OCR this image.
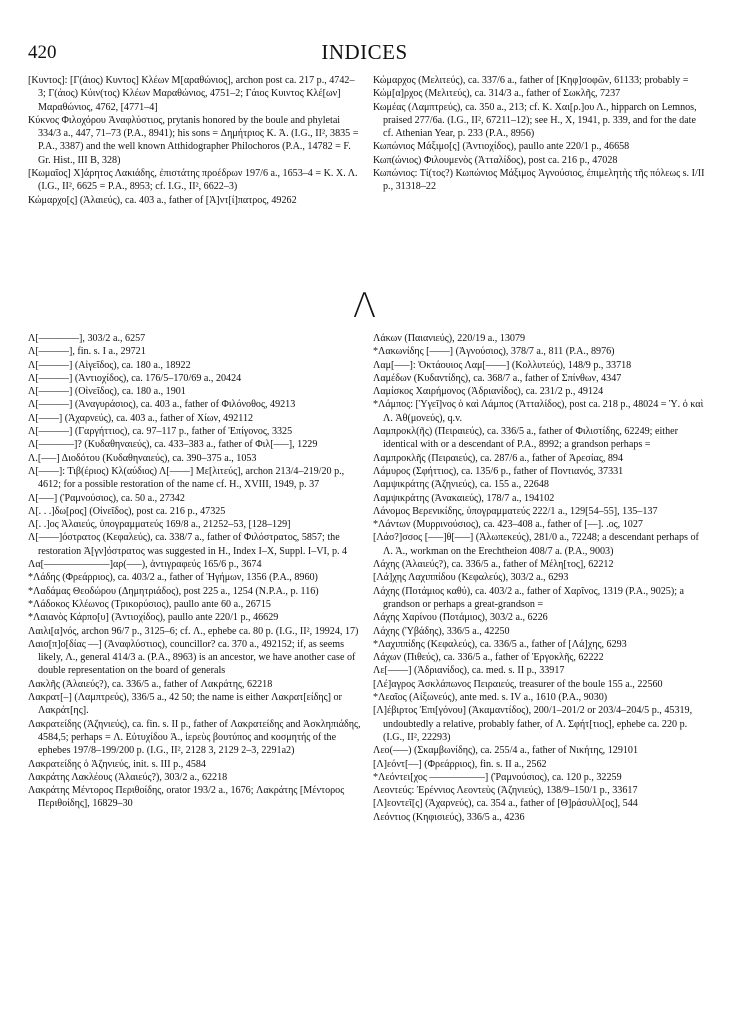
420	INDICES

[Κυντος]: [Γ(άιος) Κυντος] Κλέων Μ[αραθώνιος], archon post ca. 217 p., 4742–3; Γ(άιος) Κύιν(τος) Κλέων Μαραθώνιος, 4751–2; Γάιος Κυιντος Κλέ[ων] Μαραθώνιος, 4762, [4771–4]

Κύκνος Φιλοχόρου Ἀναφλύστιος, prytanis honored by the boule and phyletai 334/3 a., 447, 71–73 (P.A., 8941); his sons = Δημήτριος Κ. Ἀ. (I.G., II², 3835 = P.A., 3387) and the well known Atthidographer Philochoros (P.A., 14782 = F. Gr. Hist., III B, 328)

[Κωμαῖος] Χ]άρητος Λακιάδης, ἐπιστάτης προέδρων 197/6 a., 1653–4 = Κ. Χ. Λ. (I.G., II², 6625 = P.A., 8953; cf. I.G., II², 6622–3)

Κώμαρχο[ς] (Ἁλαιεύς), ca. 403 a., father of [Ἀ]ντ[ί]πατρος, 49262

Κώμαρχος (Μελιτεύς), ca. 337/6 a., father of [Κηφ]σοφῶν, 61133; probably =

Κώμ[α]ρχος (Μελιτεύς), ca. 314/3 a., father of Σωκλῆς, 7237

Κωμέας (Λαμπτρεύς), ca. 350 a., 213; cf. K. Χαι[ρ.]ου Λ., hipparch on Lemnos, praised 277/6a. (I.G., II², 67211–12); see H., X, 1941, p. 339, and for the date cf. Athenian Year, p. 233 (P.A., 8956)

Κωπώνιος Μάξιμο[ς] (Ἀντιοχίδος), paullo ante 220/1 p., 46658

Κωπ(ώνιος) Φιλουμενὸς (Ἀτταλίδος), post ca. 216 p., 47028

Κωπώνιος: Τί(τος?) Κωπώνιος Μάξιμος Ἁγνούσιος, ἐπιμελητὴς τῆς πόλεως s. I/II p., 31318–22

Λ

Λ[––––––––], 303/2 a., 6257

Λ[––––––], fin. s. I a., 29721

Λ[––––––] (Αἰγεῖδος), ca. 180 a., 18922

Λ[––––––] (Ἀντιοχίδος), ca. 176/5–170/69 a., 20424

Λ[––––––] (Οἰνεῖδος), ca. 180 a., 1901

Λ[––––––] (Ἀναγυράσιος), ca. 403 a., father of Φιλόνοθος, 49213

Λ[––––] (Ἀχαρνεύς), ca. 403 a., father of Χίων, 492112

Λ[––––––] (Γαργήττιος), ca. 97–117 p., father of Ἐπίγονος, 3325

Λ[–––––––]? (Κυδαθηναιεύς), ca. 433–383 a., father of Φιλ[–––], 1229

Λ.[–––] Διοδότου (Κυδαθηναιεύς), ca. 390–375 a., 1053

Λ[––––]: Τιβ(έριος) Κλ(αύδιος) Λ[––––] Με[λιτεύς], archon 213/4–219/20 p., 4612; for a possible restoration of the name cf. H., XVIII, 1949, p. 37

Λ[–––] (Ῥαμνούσιος), ca. 50 a., 27342

Λ[. . .]δω[ρος] (Οἰνεῖδος), post ca. 216 p., 47325

Λ[. .]ος Ἁλαιεύς, ὑπογραμματεύς 169/8 a., 21252–53, [128–129]

Λ[––––]όστρατος (Κεφαλεύς), ca. 338/7 a., father of Φιλόστρατος, 5857; the restoration Ἀ[γν]όστρατος was suggested in H., Index I–X, Suppl. I–VI, p. 4

Λα[–––––––––––––]αρ(–––), ἀντιγραφεύς 165/6 p., 3674

*Λάδης (Φρεάρριος), ca. 403/2 a., father of Ἡγήμων, 1356 (P.A., 8960)

*Λαδάμας Θεοδώρου (Δημητριάδος), post 225 a., 1254 (N.P.A., p. 116)

*Λάδοκος Κλέωνος (Τρικορύσιος), paullo ante 60 a., 26715

*Λαιανὸς Κάρπο[υ] (Ἀντιοχίδος), paullo ante 220/1 p., 46629

Λαιλι[α]νός, archon 96/7 p., 3125–6; cf. Λ., ephebe ca. 80 p. (I.G., II², 19924, 17)

Λαισ[π]ο[δίας ––] (Ἀναφλύστιος), councillor? ca. 370 a., 492152; if, as seems likely, Λ., general 414/3 a. (P.A., 8963) is an ancestor, we have another case of double representation on the board of generals

Λακλῆς (Ἁλαιεύς?), ca. 336/5 a., father of Λακράτης, 62218

Λακρατ[–] (Λαμπτρεύς), 336/5 a., 42 50; the name is either Λακρατ[είδης] or Λακράτ[ης].

Λακρατείδης (Ἀζηνιεύς), ca. fin. s. II p., father of Λακρατείδης and Ἀσκληπιάδης, 4584,5; perhaps = Λ. Εὐτυχίδου Ἀ., ἱερεὺς βουτύπος and κοσμητής of the ephebes 197/8–199/200 p. (I.G., II², 2128 3, 2129 2–3, 2291a2)

Λακρατείδης ὁ Ἀζηνιεύς, init. s. III p., 4584

Λακράτης Λακλέους (Ἁλαιεύς?), 303/2 a., 62218

Λακράτης Μέντορος Περιθοίδης, orator 193/2 a., 1676; Λακράτης [Μέντορος Περιθοίδης], 16829–30

Λάκων (Παιανιεύς), 220/19 a., 13079

*Λακωνίδης [––––] (Ἁγνούσιος), 378/7 a., 811 (P.A., 8976)

Λαμ[–––]: Ὀκτάουιος Λαμ[––––] (Κολλυτεύς), 148/9 p., 33718

Λαμέδων (Κυδαντίδης), ca. 368/7 a., father of Σπίνθων, 4347

Λαμίσκος Χαιρήμονος (Ἀδριανίδος), ca. 231/2 p., 49124

*Λάμπος: [Ὑγεῖ]νος ὁ καὶ Λάμπος (Ἀτταλίδος), post ca. 218 p., 48024 = Ὑ. ὁ καὶ Λ. Ἀθ(μονεύς), q.v.

Λαμπροκλ(ῆς) (Πειραιεύς), ca. 336/5 a., father of Φιλιστίδης, 62249; either identical with or a descendant of P.A., 8992; a grandson perhaps =

Λαμπροκλῆς (Πειραιεύς), ca. 287/6 a., father of Ἀρεσίας, 894

Λάμυρος (Σφήττιος), ca. 135/6 p., father of Ποντιανός, 37331

Λαμψικράτης (Ἀζηνιεύς), ca. 155 a., 22648

Λαμψικράτης (Ἀνακαιεύς), 178/7 a., 194102

Λάνομος Βερενικίδης, ὑπογραμματεύς 222/1 a., 129[54–55], 135–137

*Λάντων (Μυρρινούσιος), ca. 423–408 a., father of [––]. .ος, 1027

[Λάσ?]σσος [–––]θ[–––] (Ἀλωπεκεύς), 281/0 a., 72248; a descendant perhaps of Λ. Ἀ., workman on the Erechtheion 408/7 a. (P.A., 9003)

Λάχης (Ἁλαιεύς?), ca. 336/5 a., father of Μέλη[τος], 62212

[Λά]χης Λαχιππίδου (Κεφαλεύς), 303/2 a., 6293

Λάχης (Ποτάμιος καθύ), ca. 403/2 a., father of Χαρῖνος, 1319 (P.A., 9025); a grandson or perhaps a great-grandson =

Λάχης Χαρίνου (Ποτάμιος), 303/2 a., 6226

Λάχης (Ὑβάδης), 336/5 a., 42250

*Λαχιππίδης (Κεφαλεύς), ca. 336/5 a., father of [Λά]χης, 6293

Λάχων (Πιθεύς), ca. 336/5 a., father of Ἐργοκλῆς, 62222

Λε[––––] (Ἀδριανίδος), ca. med. s. II p., 33917

[Λέ]αγρος Ἀσκλάπωνος Πειραιεύς, treasurer of the boule 155 a., 22560

*Λεαῖος (Αἰξωνεύς), ante med. s. IV a., 1610 (P.A., 9030)

[Λ]έβιρτος Ἐπι[γόνου] (Ἀκαμαντίδος), 200/1–201/2 or 203/4–204/5 p., 45319, undoubtedly a relative, probably father, of Λ. Σφήτ[τιος], ephebe ca. 220 p. (I.G., II², 22293)

Λεο(–––) (Σκαμβωνίδης), ca. 255/4 a., father of Νικήτης, 129101

[Λ]εόντ[––] (Φρεάρριος), fin. s. II a., 2562

*Λεόντει[χος –––––––––––] (Ῥαμνούσιος), ca. 120 p., 32259

Λεοντεύς: Ἐρέννιος Λεοντεὺς (Ἀζηνιεύς), 138/9–150/1 p., 33617

[Λ]εοντεῖ[ς] (Ἀχαρνεύς), ca. 354 a., father of [Θ]ράσυλλ[ος], 544

Λεόντιος (Κηφισιεύς), 336/5 a., 4236
